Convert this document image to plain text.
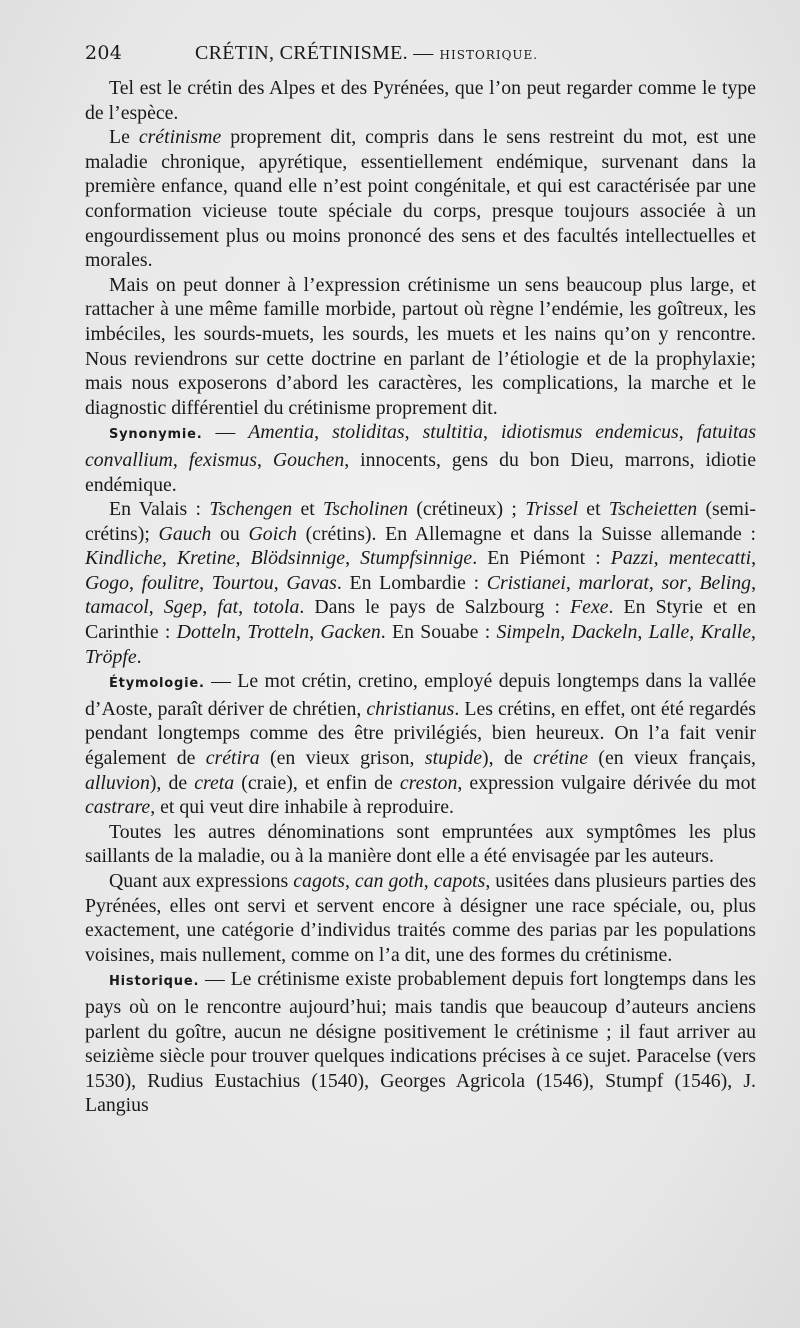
204	CRÉTIN, CRÉTINISME. — HISTORIQUE.

Tel est le crétin des Alpes et des Pyrénées, que l’on peut regarder comme le type de l’espèce.

Le crétinisme proprement dit, compris dans le sens restreint du mot, est une maladie chronique, apyrétique, essentiellement endémique, survenant dans la première enfance, quand elle n’est point congénitale, et qui est caractérisée par une conformation vicieuse toute spéciale du corps, presque toujours associée à un engourdissement plus ou moins prononcé des sens et des facultés intellectuelles et morales.

Mais on peut donner à l’expression crétinisme un sens beaucoup plus large, et rattacher à une même famille morbide, partout où règne l’endémie, les goîtreux, les imbéciles, les sourds-muets, les sourds, les muets et les nains qu’on y rencontre. Nous reviendrons sur cette doctrine en parlant de l’étiologie et de la prophylaxie; mais nous exposerons d’abord les caractères, les complications, la marche et le diagnostic différentiel du crétinisme proprement dit.

Synonymie. — Amentia, stoliditas, stultitia, idiotismus endemicus, fatuitas convallium, fexismus, Gouchen, innocents, gens du bon Dieu, marrons, idiotie endémique.

En Valais : Tschengen et Tscholinen (crétineux) ; Trissel et Tscheietten (semi-crétins); Gauch ou Goich (crétins). En Allemagne et dans la Suisse allemande : Kindliche, Kretine, Blödsinnige, Stumpfsinnige. En Piémont : Pazzi, mentecatti, Gogo, foulitre, Tourtou, Gavas. En Lombardie : Cristianei, marlorat, sor, Beling, tamacol, Sgep, fat, totola. Dans le pays de Salzbourg : Fexe. En Styrie et en Carinthie : Dotteln, Trotteln, Gacken. En Souabe : Simpeln, Dackeln, Lalle, Kralle, Tröpfe.

Étymologie. — Le mot crétin, cretino, employé depuis longtemps dans la vallée d’Aoste, paraît dériver de chrétien, christianus. Les crétins, en effet, ont été regardés pendant longtemps comme des être privilégiés, bien heureux. On l’a fait venir également de crétira (en vieux grison, stupide), de crétine (en vieux français, alluvion), de creta (craie), et enfin de creston, expression vulgaire dérivée du mot castrare, et qui veut dire inhabile à reproduire.

Toutes les autres dénominations sont empruntées aux symptômes les plus saillants de la maladie, ou à la manière dont elle a été envisagée par les auteurs.

Quant aux expressions cagots, can goth, capots, usitées dans plusieurs parties des Pyrénées, elles ont servi et servent encore à désigner une race spéciale, ou, plus exactement, une catégorie d’individus traités comme des parias par les populations voisines, mais nullement, comme on l’a dit, une des formes du crétinisme.

Historique. — Le crétinisme existe probablement depuis fort longtemps dans les pays où on le rencontre aujourd’hui; mais tandis que beaucoup d’auteurs anciens parlent du goître, aucun ne désigne positivement le crétinisme ; il faut arriver au seizième siècle pour trouver quelques indications précises à ce sujet. Paracelse (vers 1530), Rudius Eustachius (1540), Georges Agricola (1546), Stumpf (1546), J. Langius
